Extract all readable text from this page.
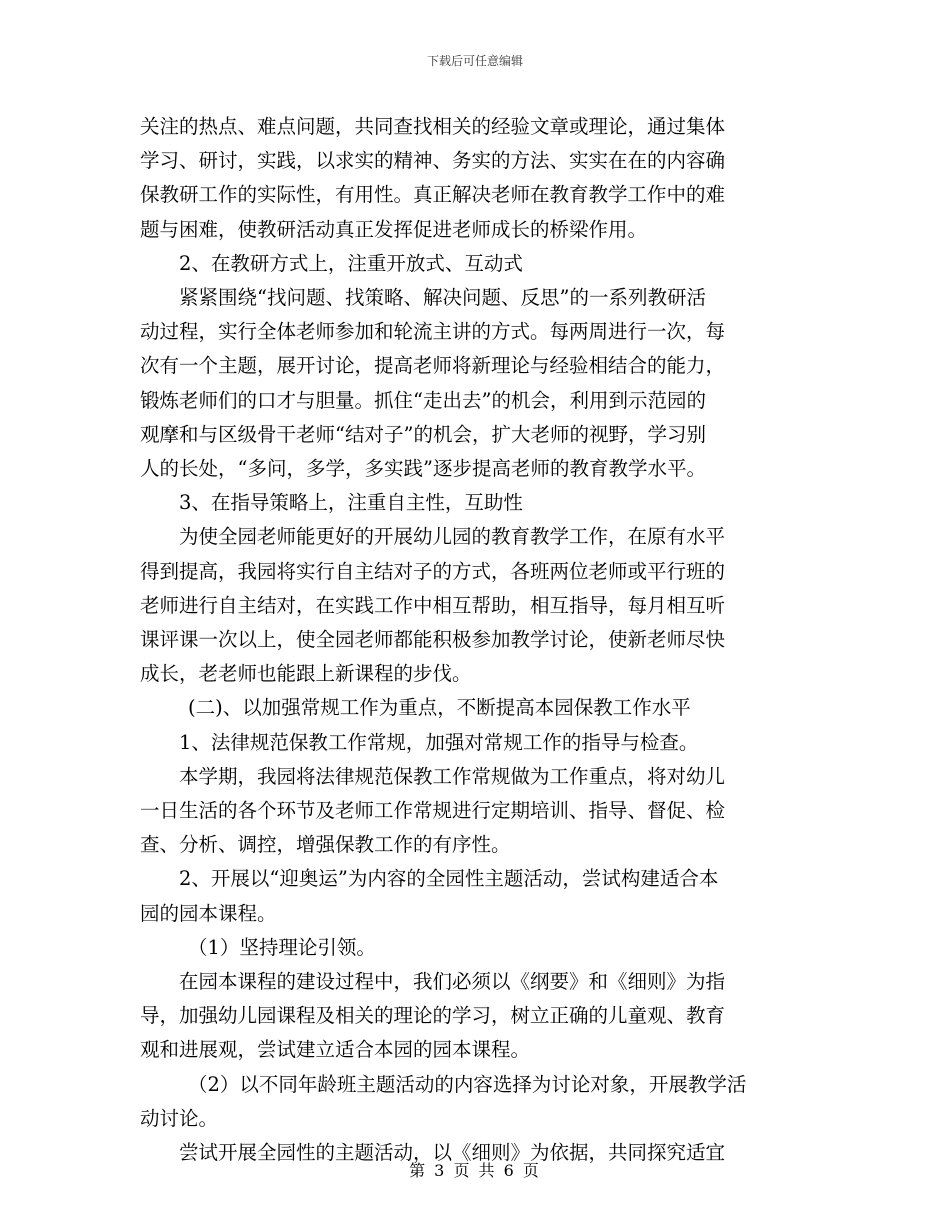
下载后可任意编辑

关注的热点、难点问题，共同查找相关的经验文章或理论，通过集体

学习、研讨，实践，以求实的精神、务实的方法、实实在在的内容确

保教研工作的实际性，有用性。真正解决老师在教育教学工作中的难

题与困难，使教研活动真正发挥促进老师成长的桥梁作用。

2、在教研方式上，注重开放式、互动式

紧紧围绕“找问题、找策略、解决问题、反思”的一系列教研活

动过程，实行全体老师参加和轮流主讲的方式。每两周进行一次，每

次有一个主题，展开讨论，提高老师将新理论与经验相结合的能力，

锻炼老师们的口才与胆量。抓住“走出去”的机会，利用到示范园的

观摩和与区级骨干老师“结对子”的机会，扩大老师的视野，学习别

人的长处，“多问，多学，多实践”逐步提高老师的教育教学水平。

3、在指导策略上，注重自主性，互助性

为使全园老师能更好的开展幼儿园的教育教学工作，在原有水平

得到提高，我园将实行自主结对子的方式，各班两位老师或平行班的

老师进行自主结对，在实践工作中相互帮助，相互指导，每月相互听

课评课一次以上，使全园老师都能积极参加教学讨论，使新老师尽快

成长，老老师也能跟上新课程的步伐。

(二)、以加强常规工作为重点，不断提高本园保教工作水平

1、法律规范保教工作常规，加强对常规工作的指导与检查。

本学期，我园将法律规范保教工作常规做为工作重点，将对幼儿

一日生活的各个环节及老师工作常规进行定期培训、指导、督促、检

查、分析、调控，增强保教工作的有序性。

2、开展以“迎奥运”为内容的全园性主题活动，尝试构建适合本

园的园本课程。

（1）坚持理论引领。

在园本课程的建设过程中，我们必须以《纲要》和《细则》为指

导，加强幼儿园课程及相关的理论的学习，树立正确的儿童观、教育

观和进展观，尝试建立适合本园的园本课程。

（2）以不同年龄班主题活动的内容选择为讨论对象，开展教学活

动讨论。

尝试开展全园性的主题活动，以《细则》为依据，共同探究适宜

第 3 页 共 6 页
